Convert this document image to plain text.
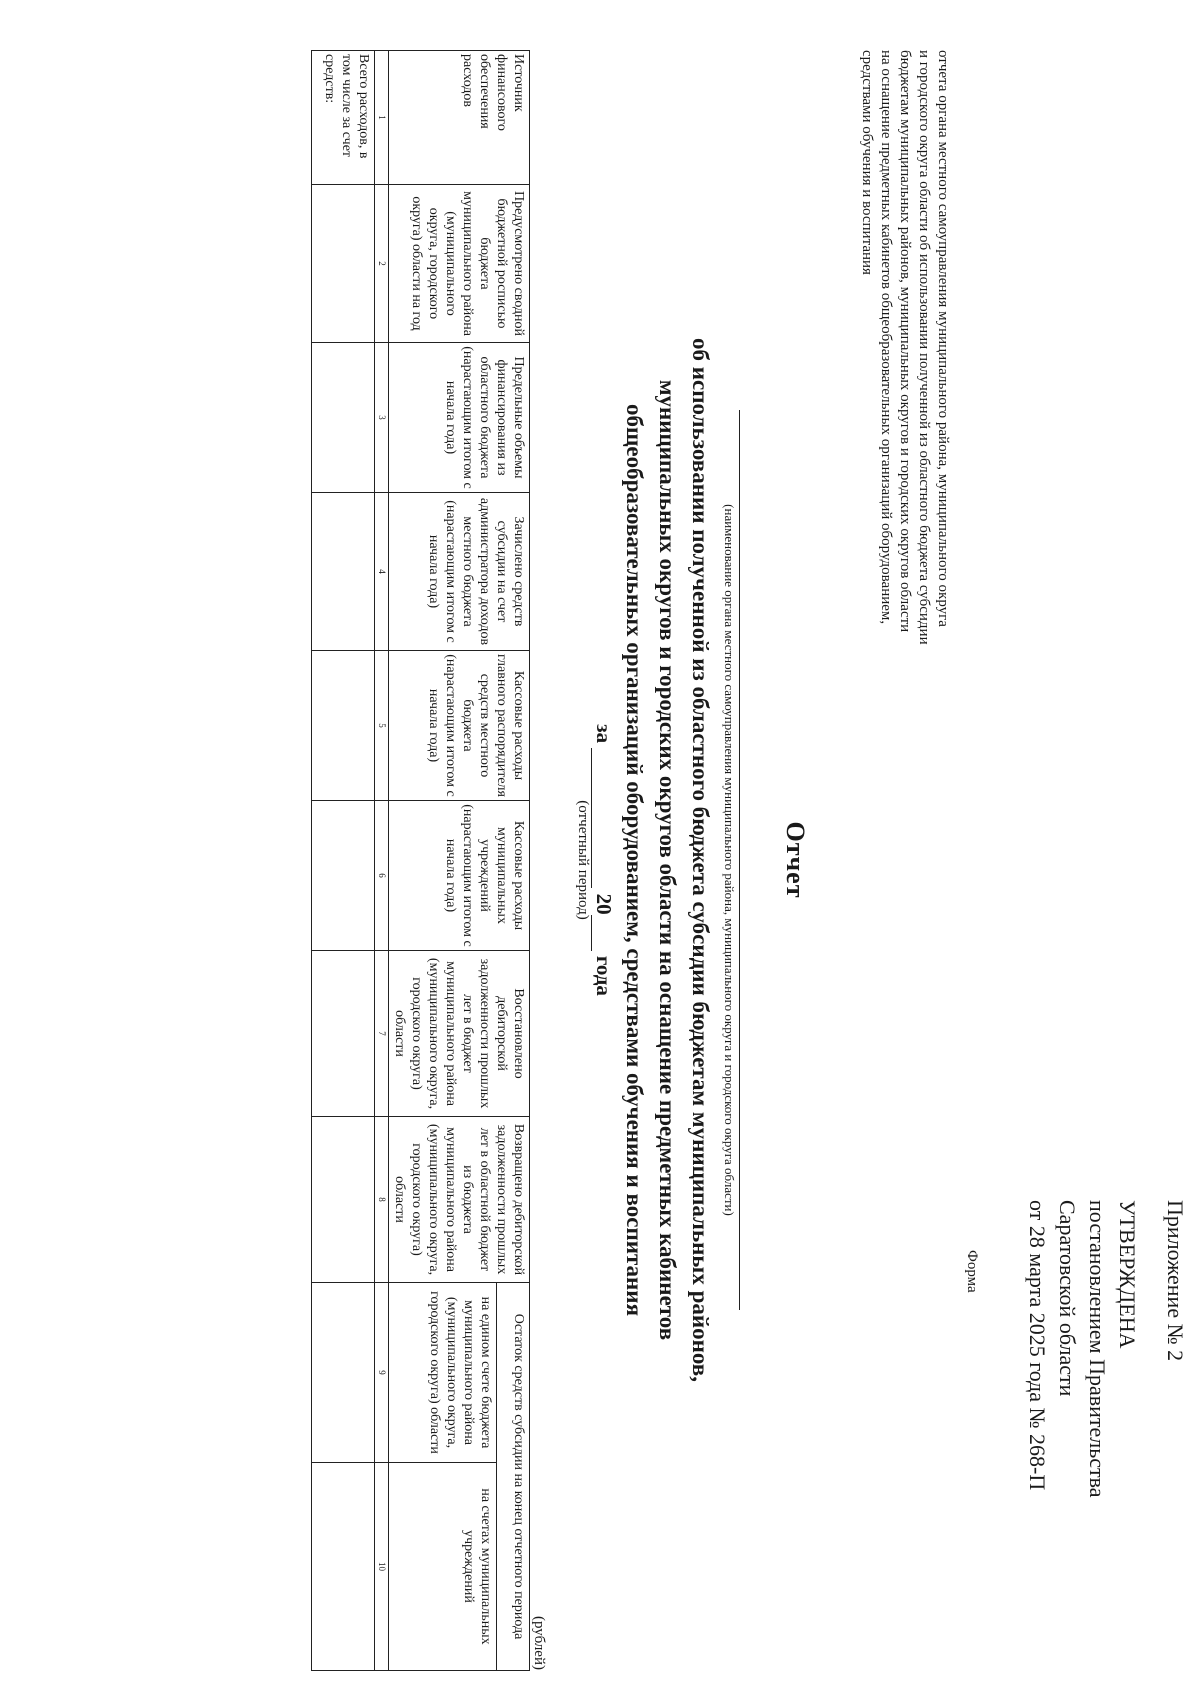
Приложение № 2
УТВЕРЖДЕНА
постановлением Правительства
Саратовской области
от 28 марта 2025 года № 268-П
Форма
отчета органа местного самоуправления муниципального района, муниципального округа
и городского округа области об использовании полученной из областного бюджета субсидии
бюджетам муниципальных районов, муниципальных округов и городских округов области
на оснащение предметных кабинетов общеобразовательных организаций оборудованием,
средствами обучения и воспитания
Отчет
(наименование органа местного самоуправления муниципального района, муниципального округа и городского округа области)
об использовании полученной из областного бюджета субсидии бюджетам муниципальных районов,
муниципальных округов и городских округов области на оснащение предметных кабинетов
общеобразовательных организаций оборудованием, средствами обучения и воспитания
за  20 года
(отчетный период)
(рублей)
Источник финансового обеспечения расходов	Предусмотрено сводной бюджетной росписью бюджета муниципального района (муниципального округа, городского округа) области на год	Предельные объемы финансирования из областного бюджета (нарастающим итогом с начала года)	Зачислено средств субсидии на счет администратора доходов местного бюджета (нарастающим итогом с начала года)	Кассовые расходы главного распорядителя средств местного бюджета (нарастающим итогом с начала года)	Кассовые расходы муниципальных учреждений (нарастающим итогом с начала года)	Восстановлено дебиторской задолженности прошлых лет в бюджет муниципального района (муниципального округа, городского округа) области	Возвращено дебиторской задолженности прошлых лет в областной бюджет из бюджета муниципального района (муниципального округа, городского округа) области	Остаток средств субсидии на конец отчетного периода	
								на едином счете бюджета муниципального района (муниципального округа, городского округа) области	на счетах муниципальных учреждений
1	2	3	4	5	6	7	8	9	10
Всего расходов, в том числе за счет средств:									
